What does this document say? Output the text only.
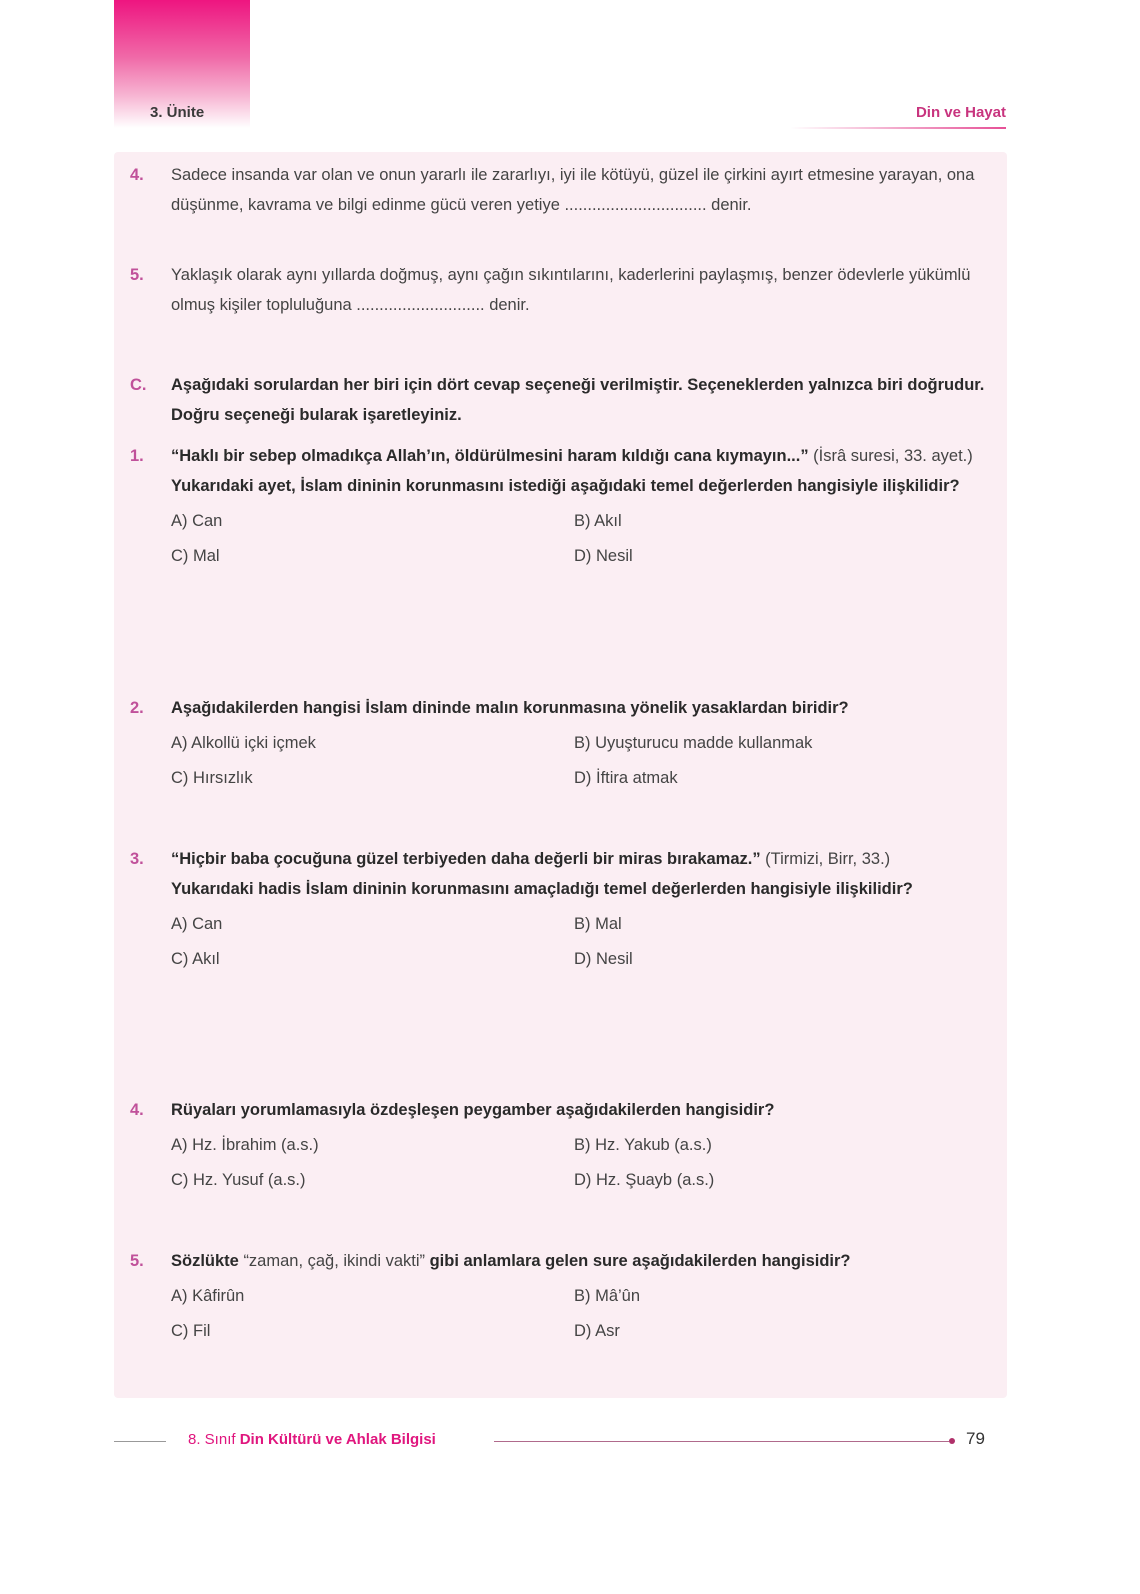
3. Ünite	Din ve Hayat
4.	Sadece insanda var olan ve onun yararlı ile zararlıyı, iyi ile kötüyü, güzel ile çirkini ayırt etmesine yarayan, ona düşünme, kavrama ve bilgi edinme gücü veren yetiye ............................... denir.

5.	Yaklaşık olarak aynı yıllarda doğmuş, aynı çağın sıkıntılarını, kaderlerini paylaşmış, benzer ödevlerle yükümlü olmuş kişiler topluluğuna ............................ denir.

C.	Aşağıdaki sorulardan her biri için dört cevap seçeneği verilmiştir. Seçeneklerden yalnızca biri doğrudur. Doğru seçeneği bularak işaretleyiniz.

1.	“Haklı bir sebep olmadıkça Allah’ın, öldürülmesini haram kıldığı cana kıymayın...” (İsrâ suresi, 33. ayet.)

Yukarıdaki ayet, İslam dininin korunmasını istediği aşağıdaki temel değerlerden hangisiyle ilişkilidir?

A) Can	B) Akıl
C) Mal	D) Nesil
2.	Aşağıdakilerden hangisi İslam dininde malın korunmasına yönelik yasaklardan biridir?

A) Alkollü içki içmek	B) Uyuşturucu madde kullanmak
C) Hırsızlık	D) İftira atmak
3.	“Hiçbir baba çocuğuna güzel terbiyeden daha değerli bir miras bırakamaz.” (Tirmizi, Birr, 33.)

Yukarıdaki hadis İslam dininin korunmasını amaçladığı temel değerlerden hangisiyle ilişkilidir?

A) Can	B) Mal
C) Akıl	D) Nesil
4.	Rüyaları yorumlamasıyla özdeşleşen peygamber aşağıdakilerden hangisidir?

A) Hz. İbrahim (a.s.)	B) Hz. Yakub (a.s.)
C) Hz. Yusuf (a.s.)	D) Hz. Şuayb (a.s.)
5.	Sözlükte “zaman, çağ, ikindi vakti” gibi anlamlara gelen sure aşağıdakilerden hangisidir?

A) Kâfirûn	B) Mâ’ûn
C) Fil	D) Asr
8. Sınıf Din Kültürü ve Ahlak Bilgisi	79
